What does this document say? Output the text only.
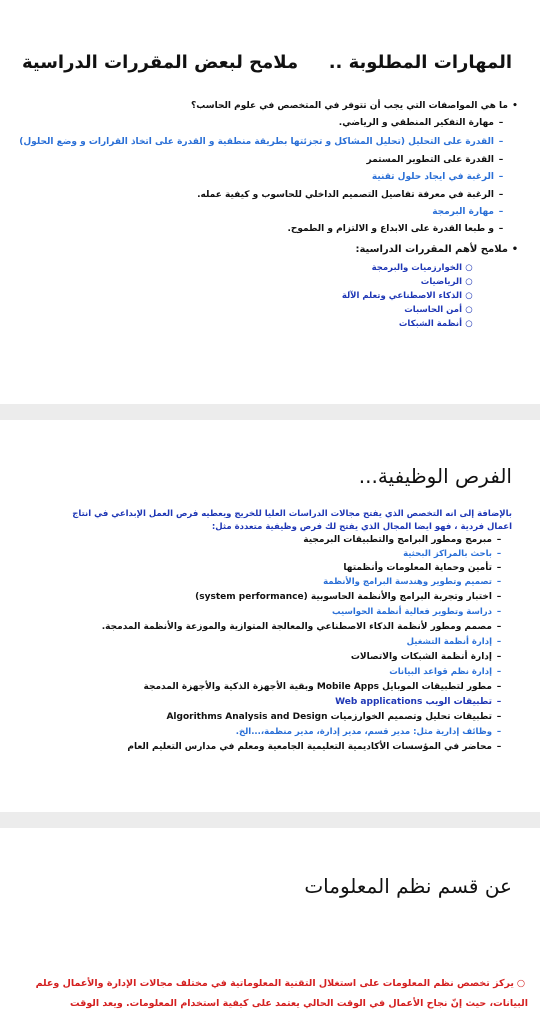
المهارات المطلوبة ..  ملامح لبعض المقررات الدراسية
•ما هي المواصفات التي يجب أن تتوفر في المتخصص في علوم الحاسب؟
–مهارة التفكير المنطقي و الرياضي.
–القدرة على التحليل (تحليل المشاكل و تجزئتها بطريقة منطقية و القدرة على اتخاذ القرارات و وضع الحلول)
–القدرة على التطوير المستمر
–الرغبة في ايجاد حلول تقنية
–الرغبة في معرفة تفاصيل التصميم الداخلي للحاسوب و كيفية عمله.
–مهارة البرمجة
–و طبعا القدرة على الابداع و الالتزام و الطموح.
•ملامح لأهم المقررات الدراسية:
○الخوارزميات والبرمجة
○الرياضيات
○الذكاء الاصطناعي وتعلم الآلة
○أمن الحاسبات
○أنظمة الشبكات
الفرص الوظيفية...
بالإضافة إلى انه التخصص الذي يفتح مجالات الدراسات العليا للخريج ويعطيه فرص العمل الإبداعي في انتاج
اعمال فردية ، فهو ايضا المجال الذي يفتح لك فرص وظيفية متعددة مثل:
–مبرمج ومطور البرامج والتطبيقات البرمجية
–باحث بالمراكز البحثية
–تأمين وحماية المعلومات وأنظمتها
–تصميم وتطوير وهندسة البرامج والأنظمة
–اختبار وتجربة البرامج والأنظمة الحاسوبية (system performance)
–دراسة وتطوير فعالية أنظمة الحواسيب
–مصمم ومطور لأنظمة الذكاء الاصطناعي والمعالجة المتوازية والموزعة والأنظمة المدمجة.
–إدارة أنظمة التشغيل
–إدارة أنظمة الشبكات والاتصالات
–إدارة نظم قواعد البيانات
–مطور لتطبيقات الموبايل Mobile Apps وبقية الأجهزة الذكية والأجهزة المدمجة
–تطبيقات الويب Web applications
–تطبيقات تحليل وتصميم الخوارزميات Algorithms Analysis and Design
–وظائف إدارية مثل: مدير قسم، مدير إدارة، مدير منظمة،...الخ.
–محاضر في المؤسسات الأكاديمية التعليمية الجامعية ومعلم في مدارس التعليم العام
عن قسم نظم المعلومات
○يركز تخصص نظم المعلومات على استغلال التقنية المعلوماتية في مختلف مجالات الإدارة والأعمال وعلم
البيانات، حيث إنّ نجاح الأعمال في الوقت الحالي يعتمد على كيفية استخدام المعلومات. ويعد الوقت
